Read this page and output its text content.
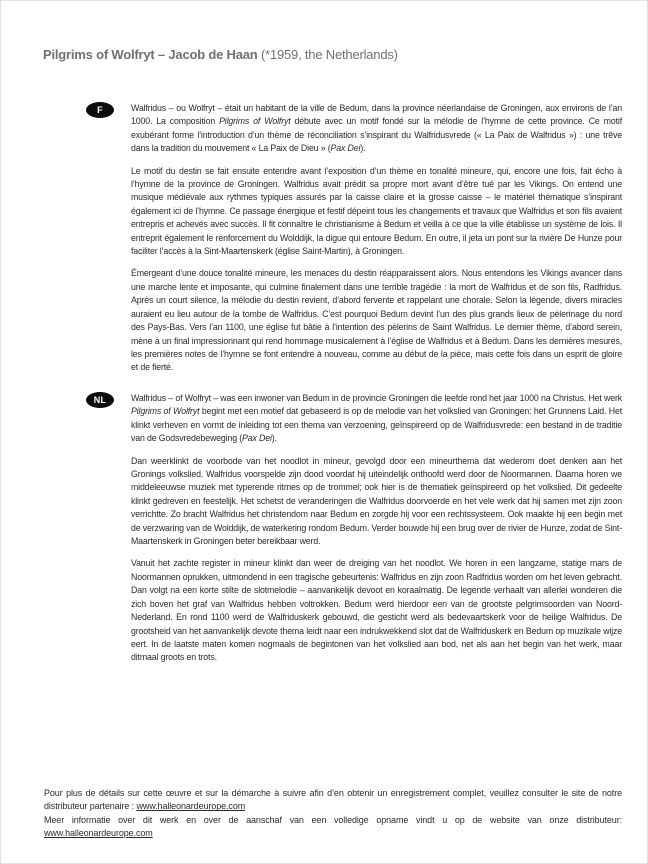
Pilgrims of Wolfryt – Jacob de Haan (*1959, the Netherlands)
F	Walfridus – ou Wolfryt – était un habitant de la ville de Bedum, dans la province néerlandaise de Groningen, aux environs de l’an 1000. La composition Pilgrims of Wolfryt débute avec un motif fondé sur la mélodie de l’hymne de cette province. Ce motif exubérant forme l’introduction d’un thème de réconciliation s’inspirant du Walfridusvrede (« La Paix de Walfridus ») : une trêve dans la tradition du mouvement « La Paix de Dieu » (Pax Dei).

Le motif du destin se fait ensuite entendre avant l’exposition d’un thème en tonalité mineure, qui, encore une fois, fait écho à l’hymne de la province de Groningen. Walfridus avait prédit sa propre mort avant d’être tué par les Vikings. On entend une musique médiévale aux rythmes typiques assurés par la caisse claire et la grosse caisse – le matériel thématique s’inspirant également ici de l’hymne. Ce passage énergique et festif dépeint tous les changements et travaux que Walfridus et son fils avaient entrepris et achevés avec succès. Il fit connaître le christianisme à Bedum et veilla à ce que la ville établisse un système de lois. Il entreprit également le renforcement du Wolddijk, la digue qui entoure Bedum. En outre, il jeta un pont sur la rivière De Hunze pour faciliter l’accès à la Sint-Maartenskerk (église Saint-Martin), à Groningen.

Émergeant d’une douce tonalité mineure, les menaces du destin réapparaissent alors. Nous entendons les Vikings avancer dans une marche lente et imposante, qui culmine finalement dans une terrible tragédie : la mort de Walfridus et de son fils, Radfridus. Après un court silence, la mélodie du destin revient, d’abord fervente et rappelant une chorale. Selon la légende, divers miracles auraient eu lieu autour de la tombe de Walfridus. C’est pourquoi Bedum devint l’un des plus grands lieux de pèlerinage du nord des Pays-Bas. Vers l’an 1100, une église fut bâtie à l’intention des pèlerins de Saint Walfridus. Le dernier thème, d’abord serein, mène à un final impressionnant qui rend hommage musicalement à l’église de Walfridus et à Bedum. Dans les dernières mesures, les premières notes de l’hymne se font entendre à nouveau, comme au début de la pièce, mais cette fois dans un esprit de gloire et de fierté.

NL	Walfridus – of Wolfryt – was een inwoner van Bedum in de provincie Groningen die leefde rond het jaar 1000 na Christus. Het werk Pilgrims of Wolfryt begint met een motief dat gebaseerd is op de melodie van het volkslied van Groningen: het Grunnens Laid. Het klinkt verheven en vormt de inleiding tot een thema van verzoening, geïnspireerd op de Walfridusvrede: een bestand in de traditie van de Godsvredebeweging (Pax Dei).

Dan weerklinkt de voorbode van het noodlot in mineur, gevolgd door een mineurthema dat wederom doet denken aan het Gronings volkslied. Walfridus voorspelde zijn dood voordat hij uiteindelijk onthoofd werd door de Noormannen. Daarna horen we middeleeuwse muziek met typerende ritmes op de trommel; ook hier is de thematiek geïnspireerd op het volkslied. Dit gedeelte klinkt gedreven en feestelijk. Het schetst de veranderingen die Walfridus doorvoerde en het vele werk dat hij samen met zijn zoon verrichtte. Zo bracht Walfridus het christendom naar Bedum en zorgde hij voor een rechtssysteem. Ook maakte hij een begin met de verzwaring van de Wolddijk, de waterkering rondom Bedum. Verder bouwde hij een brug over de rivier de Hunze, zodat de Sint-Maartenskerk in Groningen beter bereikbaar werd.

Vanuit het zachte register in mineur klinkt dan weer de dreiging van het noodlot. We horen in een langzame, statige mars de Noormannen oprukken, uitmondend in een tragische gebeurtenis: Walfridus en zijn zoon Radfridus worden om het leven gebracht. Dan volgt na een korte stilte de slotmelodie – aanvankelijk devoot en koraalmatig. De legende verhaalt van allerlei wonderen die zich boven het graf van Walfridus hebben voltrokken. Bedum werd hierdoor een van de grootste pelgrimsoorden van Noord-Nederland. En rond 1100 werd de Walfriduskerk gebouwd, die gesticht werd als bedevaartskerk voor de heilige Walfridus. De grootsheid van het aanvankelijk devote thema leidt naar een indrukwekkend slot dat de Walfriduskerk en Bedum op muzikale wijze eert. In de laatste maten komen nogmaals de begintonen van het volkslied aan bod, net als aan het begin van het werk, maar ditmaal groots en trots.

Pour plus de détails sur cette œuvre et sur la démarche à suivre afin d’en obtenir un enregistrement complet, veuillez consulter le site de notre distributeur partenaire : www.halleonardeurope.com

Meer informatie over dit werk en over de aanschaf van een volledige opname vindt u op de website van onze distributeur: www.halleonardeurope.com
